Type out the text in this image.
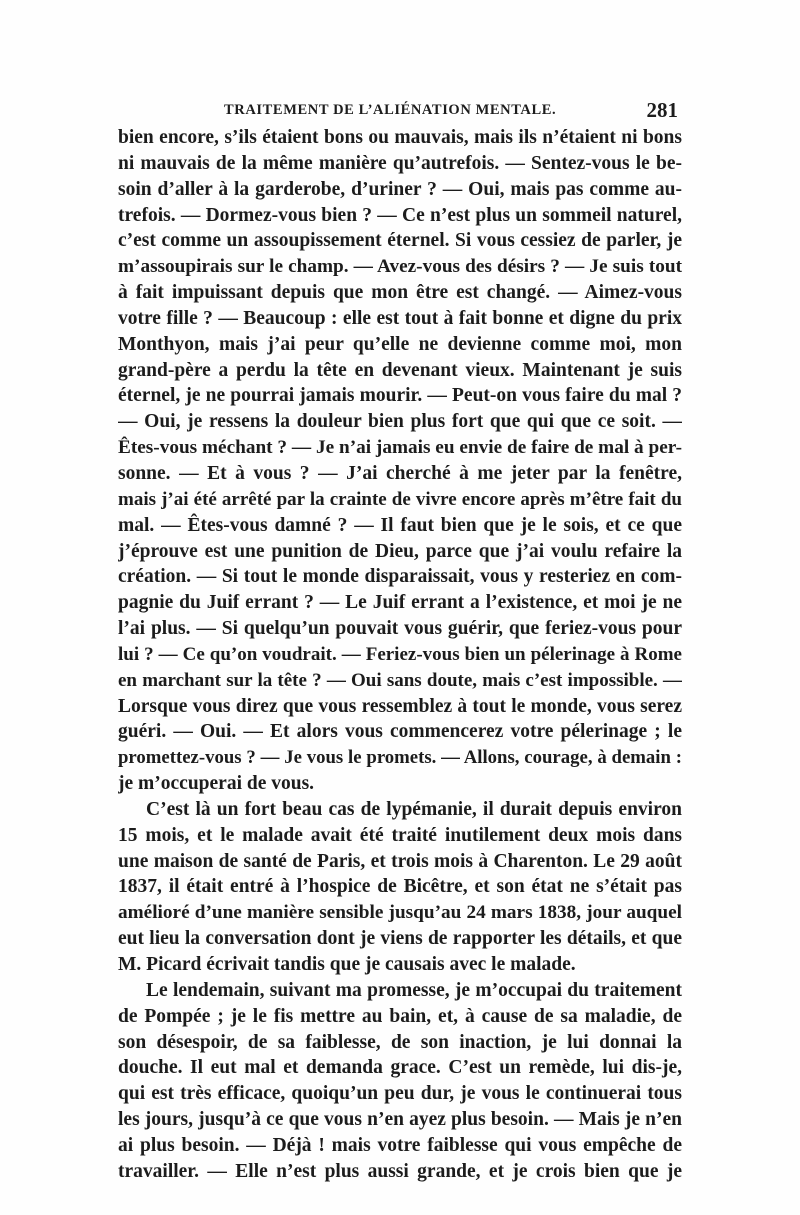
TRAITEMENT DE L’ALIÉNATION MENTALE.	281
bien encore, s’ils étaient bons ou mauvais, mais ils n’étaient ni bons
ni mauvais de la même manière qu’autrefois. — Sentez-vous le be-
soin d’aller à la garderobe, d’uriner ? — Oui, mais pas comme au-
trefois. — Dormez-vous bien ? — Ce n’est plus un sommeil naturel,
c’est comme un assoupissement éternel. Si vous cessiez de parler, je
m’assoupirais sur le champ. — Avez-vous des désirs ? — Je suis tout
à fait impuissant depuis que mon être est changé. — Aimez-vous
votre fille ? — Beaucoup : elle est tout à fait bonne et digne du prix
Monthyon, mais j’ai peur qu’elle ne devienne comme moi, mon
grand-père a perdu la tête en devenant vieux. Maintenant je suis
éternel, je ne pourrai jamais mourir. — Peut-on vous faire du mal ?
— Oui, je ressens la douleur bien plus fort que qui que ce soit. —
Êtes-vous méchant ? — Je n’ai jamais eu envie de faire de mal à per-
sonne. — Et à vous ? — J’ai cherché à me jeter par la fenêtre,
mais j’ai été arrêté par la crainte de vivre encore après m’être fait du
mal. — Êtes-vous damné ? — Il faut bien que je le sois, et ce que
j’éprouve est une punition de Dieu, parce que j’ai voulu refaire la
création. — Si tout le monde disparaissait, vous y resteriez en com-
pagnie du Juif errant ? — Le Juif errant a l’existence, et moi je ne
l’ai plus. — Si quelqu’un pouvait vous guérir, que feriez-vous pour
lui ? — Ce qu’on voudrait. — Feriez-vous bien un pélerinage à Rome
en marchant sur la tête ? — Oui sans doute, mais c’est impossible. —
Lorsque vous direz que vous ressemblez à tout le monde, vous serez
guéri. — Oui. — Et alors vous commencerez votre pélerinage ; le
promettez-vous ? — Je vous le promets. — Allons, courage, à demain :
je m’occuperai de vous.
C’est là un fort beau cas de lypémanie, il durait depuis environ
15 mois, et le malade avait été traité inutilement deux mois dans
une maison de santé de Paris, et trois mois à Charenton. Le 29 août
1837, il était entré à l’hospice de Bicêtre, et son état ne s’était pas
amélioré d’une manière sensible jusqu’au 24 mars 1838, jour auquel
eut lieu la conversation dont je viens de rapporter les détails, et que
M. Picard écrivait tandis que je causais avec le malade.
Le lendemain, suivant ma promesse, je m’occupai du traitement
de Pompée ; je le fis mettre au bain, et, à cause de sa maladie, de
son désespoir, de sa faiblesse, de son inaction, je lui donnai la
douche. Il eut mal et demanda grace. C’est un remède, lui dis-je,
qui est très efficace, quoiqu’un peu dur, je vous le continuerai tous
les jours, jusqu’à ce que vous n’en ayez plus besoin. — Mais je n’en
ai plus besoin. — Déjà ! mais votre faiblesse qui vous empêche de
travailler. — Elle n’est plus aussi grande, et je crois bien que je
